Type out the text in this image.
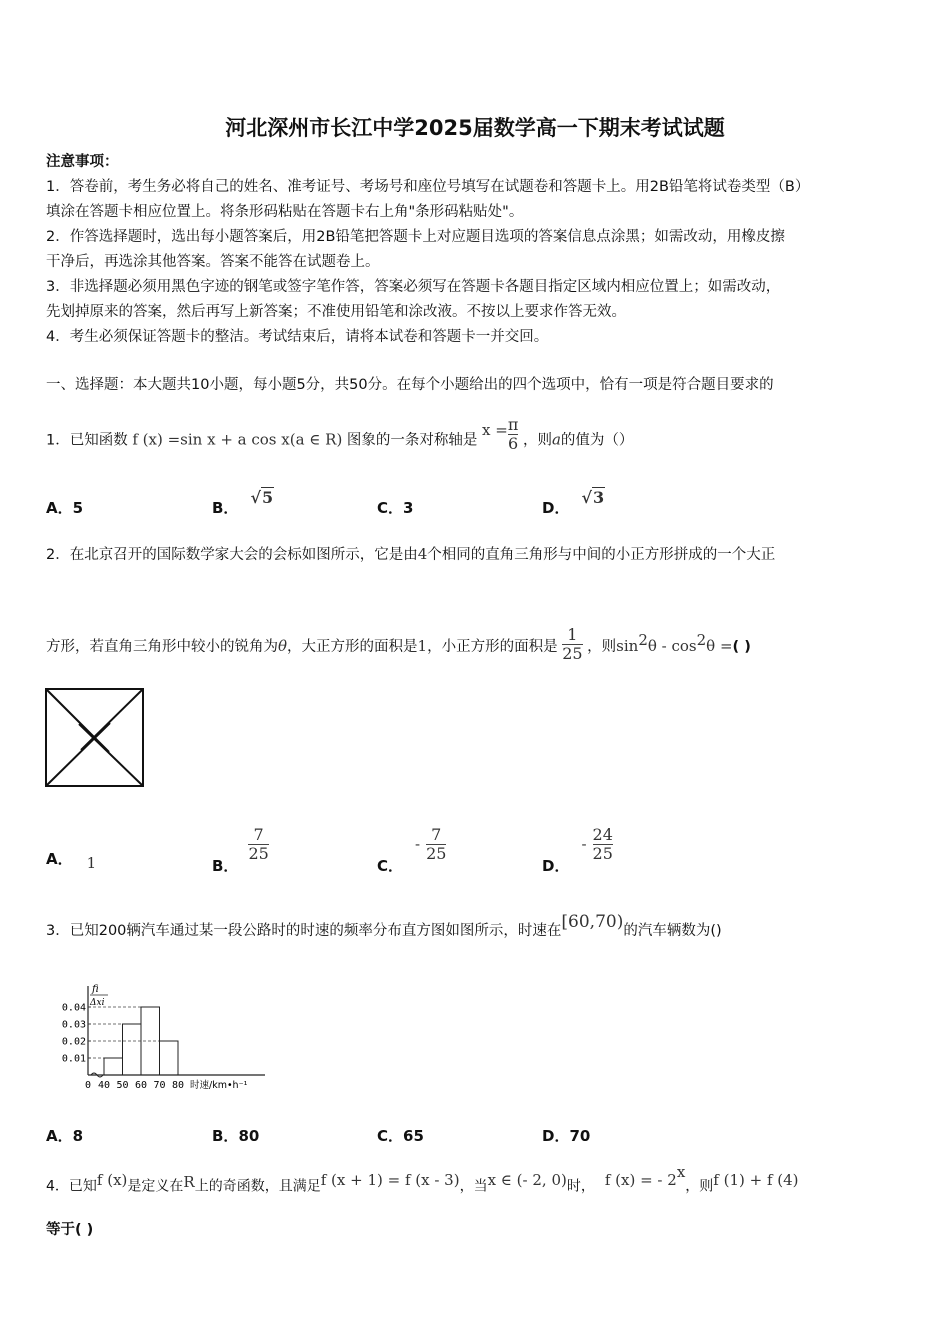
河北深州市长江中学2025届数学高一下期末考试试题
注意事项：
1．答卷前，考生务必将自己的姓名、准考证号、考场号和座位号填写在试题卷和答题卡上。用2B铅笔将试卷类型（B）
填涂在答题卡相应位置上。将条形码粘贴在答题卡右上角"条形码粘贴处"。
2．作答选择题时，选出每小题答案后，用2B铅笔把答题卡上对应题目选项的答案信息点涂黑；如需改动，用橡皮擦
干净后，再选涂其他答案。答案不能答在试题卷上。
3．非选择题必须用黑色字迹的钢笔或签字笔作答，答案必须写在答题卡各题目指定区域内相应位置上；如需改动，
先划掉原来的答案，然后再写上新答案；不准使用铅笔和涂改液。不按以上要求作答无效。
4．考生必须保证答题卡的整洁。考试结束后，请将本试卷和答题卡一并交回。
一、选择题：本大题共10小题，每小题5分，共50分。在每个小题给出的四个选项中，恰有一项是符合题目要求的
1．已知函数 f (x) =sin x + a cos x(a ∈ R) 图象的一条对称轴是 $x = \frac{\pi}{6}$ ，则a的值为（）
A．5	B．√5
C．3	D．√3
2．在北京召开的国际数学家大会的会标如图所示，它是由4个相同的直角三角形与中间的小正方形拼成的一个大正
方形，若直角三角形中较小的锐角为θ，大正方形的面积是1，小正方形的面积是 $\frac{1}{25}$ ，则$\sin^2\theta - \cos^2\theta$ =( )
A． 1	B．
$\frac{7}{25}$
C．- $\frac{7}{25}$
D．- $\frac{24}{25}$
3．已知200辆汽车通过某一段公路时的时速的频率分布直方图如图所示，时速在[60,70)的汽车辆数为()
fi
Δxi
0.04
0.03
0.02
0.01
0 40 50 60 70 80 时速/km•h⁻¹
A．8	B．80	C．65	D．70
4．已知f (x)是定义在R上的奇函数，且满足f (x + 1) = f (x - 3)，当x ∈ (- 2, 0)时， f (x) = - 2$^x$，则f (1) + f (4)
等于( )
